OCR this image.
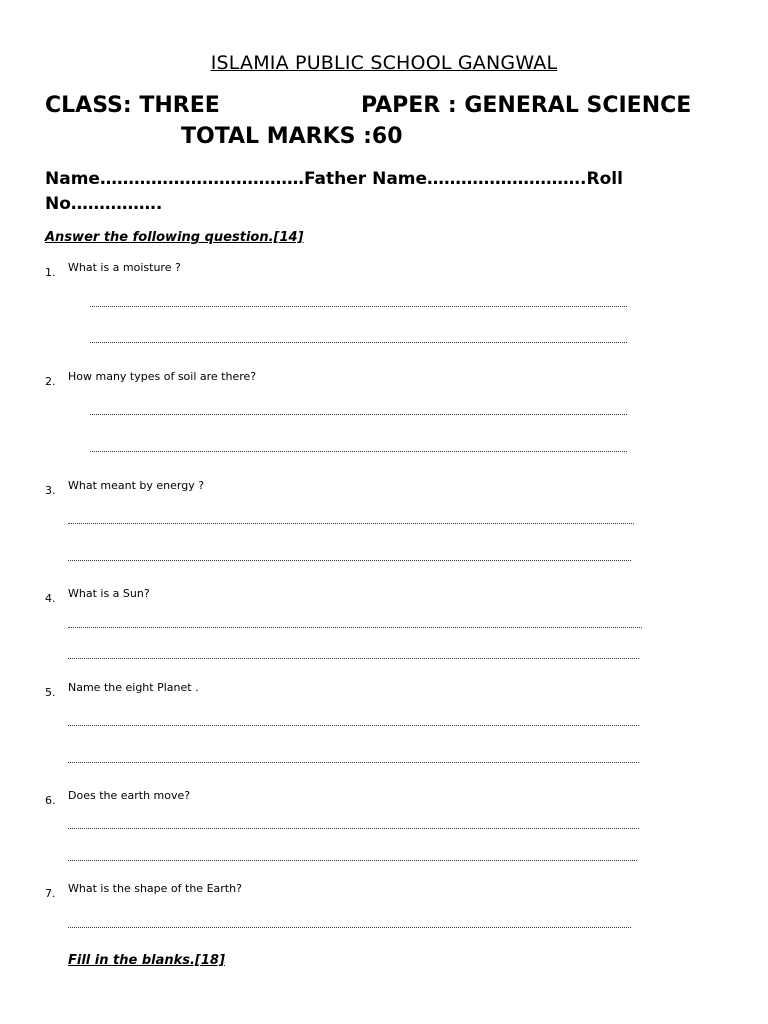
ISLAMIA PUBLIC SCHOOL GANGWAL
CLASS: THREE	PAPER : GENERAL SCIENCE
TOTAL MARKS :60
Name………………………………Father Name……………………….Roll
No…………….
Answer the following question.[14]
1. What is a moisture ?
2. How many types of soil are there?
3. What meant by energy ?
4. What is a Sun?
5. Name the eight Planet .
6. Does the earth move?
7. What is the shape of the Earth?
Fill in the blanks.[18]
